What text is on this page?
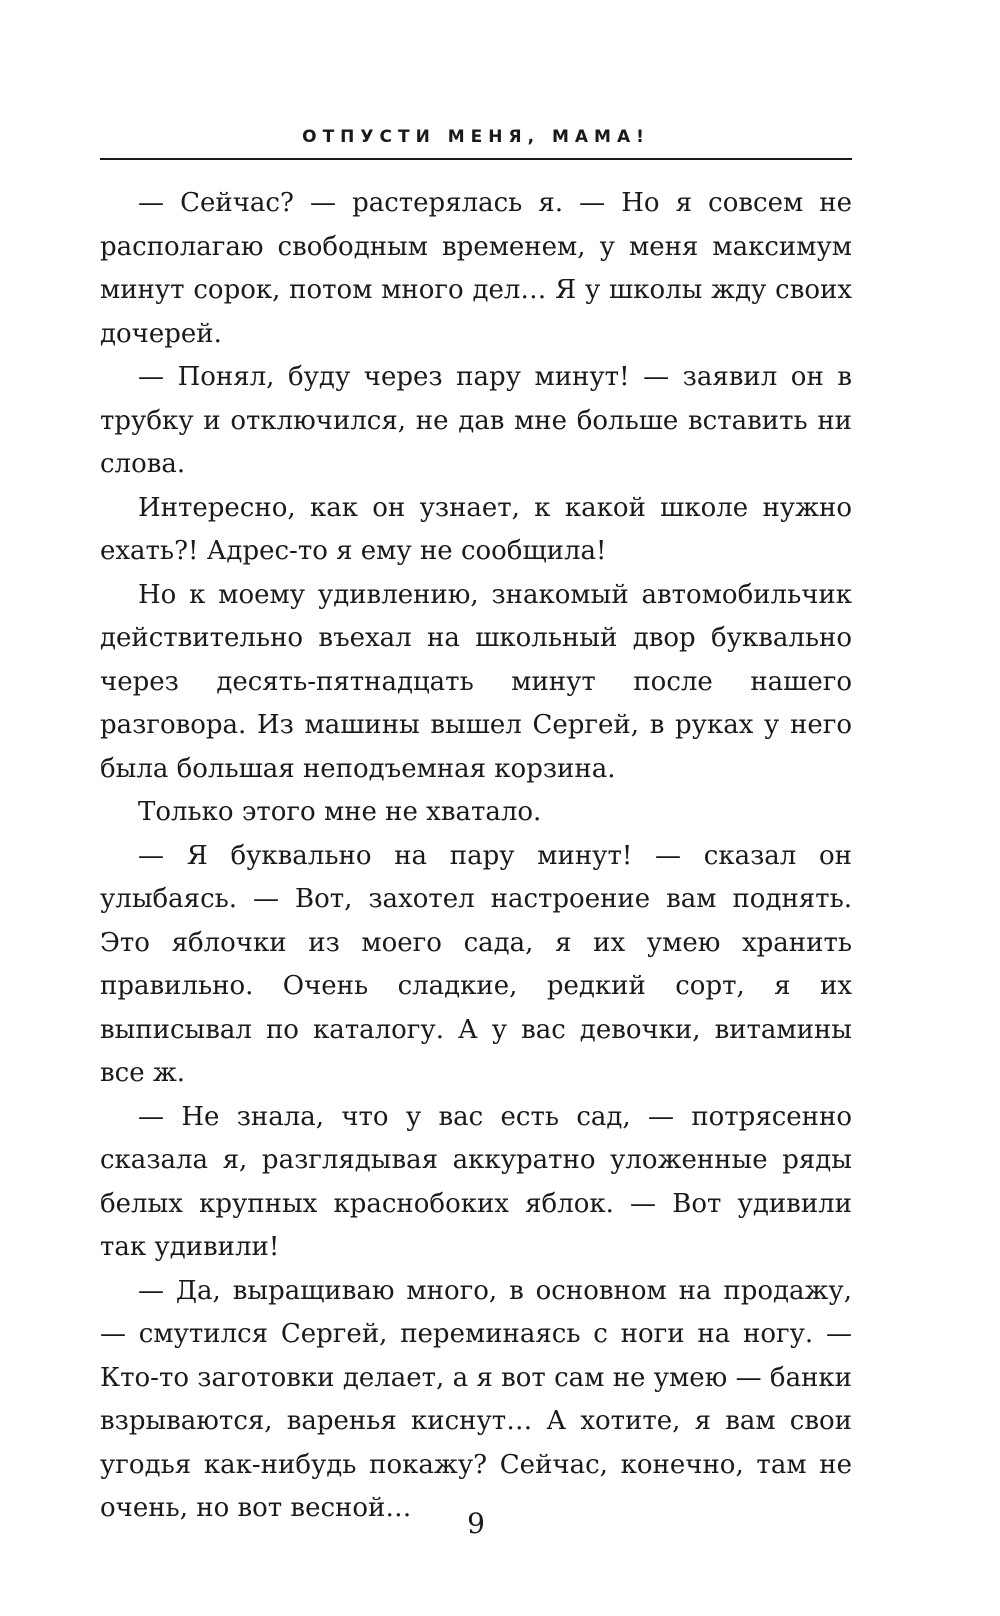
ОТПУСТИ МЕНЯ, МАМА!

— Сейчас? — растерялась я. — Но я совсем не располагаю свободным временем, у меня максимум минут сорок, потом много дел… Я у школы жду своих дочерей.

— Понял, буду через пару минут! — заявил он в трубку и отключился, не дав мне больше вставить ни слова.

Интересно, как он узнает, к какой школе нужно ехать?! Адрес-то я ему не сообщила!

Но к моему удивлению, знакомый автомобильчик действительно въехал на школьный двор буквально через десять-пятнадцать минут после нашего разговора. Из машины вышел Сергей, в руках у него была большая неподъемная корзина.

Только этого мне не хватало.

— Я буквально на пару минут! — сказал он улыбаясь. — Вот, захотел настроение вам поднять. Это яблочки из моего сада, я их умею хранить правильно. Очень сладкие, редкий сорт, я их выписывал по каталогу. А у вас девочки, витамины все ж.

— Не знала, что у вас есть сад, — потрясенно сказала я, разглядывая аккуратно уложенные ряды белых крупных краснобоких яблок. — Вот удивили так удивили!

— Да, выращиваю много, в основном на продажу, — смутился Сергей, переминаясь с ноги на ногу. — Кто-то заготовки делает, а я вот сам не умею — банки взрываются, варенья киснут… А хотите, я вам свои угодья как-нибудь покажу? Сейчас, конечно, там не очень, но вот весной…	9
